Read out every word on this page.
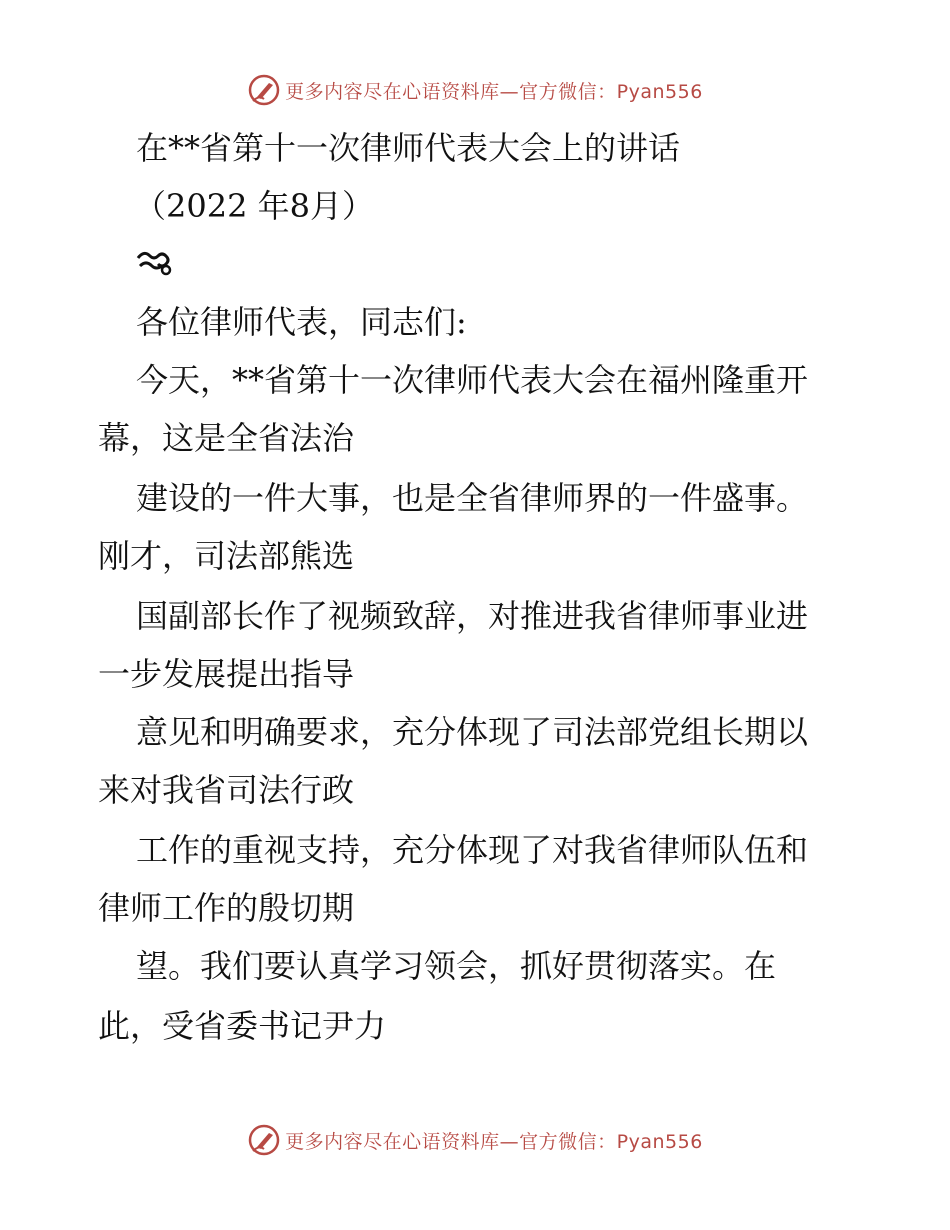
更多内容尽在心语资料库—官方微信：Pyan556
在**省第十一次律师代表大会上的讲话
（2022 年8月）
各位律师代表，同志们:
今天，**省第十一次律师代表大会在福州隆重开
幕，这是全省法治
建设的一件大事，也是全省律师界的一件盛事。
刚才，司法部熊选
国副部长作了视频致辞，对推进我省律师事业进
一步发展提出指导
意见和明确要求，充分体现了司法部党组长期以
来对我省司法行政
工作的重视支持，充分体现了对我省律师队伍和
律师工作的殷切期
望。我们要认真学习领会，抓好贯彻落实。在
此，受省委书记尹力
更多内容尽在心语资料库—官方微信：Pyan556
